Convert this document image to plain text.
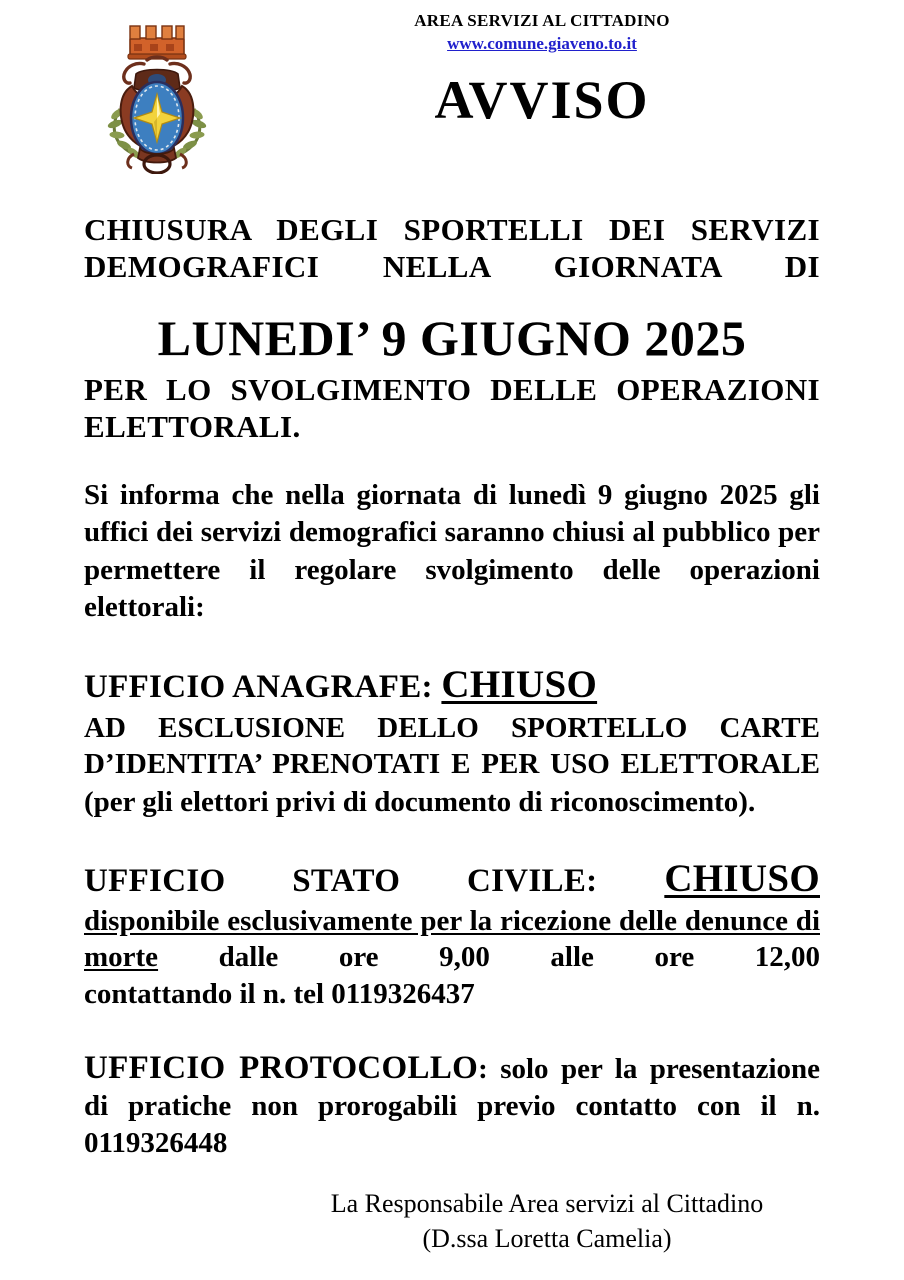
AREA SERVIZI AL CITTADINO
www.comune.giaveno.to.it
AVVISO
CHIUSURA DEGLI SPORTELLI DEI SERVIZI DEMOGRAFICI NELLA GIORNATA DI
LUNEDI’ 9 GIUGNO 2025
PER LO SVOLGIMENTO DELLE OPERAZIONI ELETTORALI.
Si informa che nella giornata di lunedì 9 giugno 2025 gli uffici dei servizi demografici saranno chiusi al pubblico per permettere il regolare svolgimento delle operazioni elettorali:
UFFICIO ANAGRAFE: CHIUSO
AD ESCLUSIONE DELLO SPORTELLO CARTE D’IDENTITA’ PRENOTATI E PER USO ELETTORALE
(per gli elettori privi di documento di riconoscimento).
UFFICIO STATO CIVILE: CHIUSO
disponibile esclusivamente per la ricezione delle denunce di morte dalle ore 9,00 alle ore 12,00
contattando il n. tel 0119326437
UFFICIO PROTOCOLLO: solo per la presentazione di pratiche non prorogabili previo contatto con il n. 0119326448
La Responsabile Area servizi al Cittadino
(D.ssa Loretta Camelia)
